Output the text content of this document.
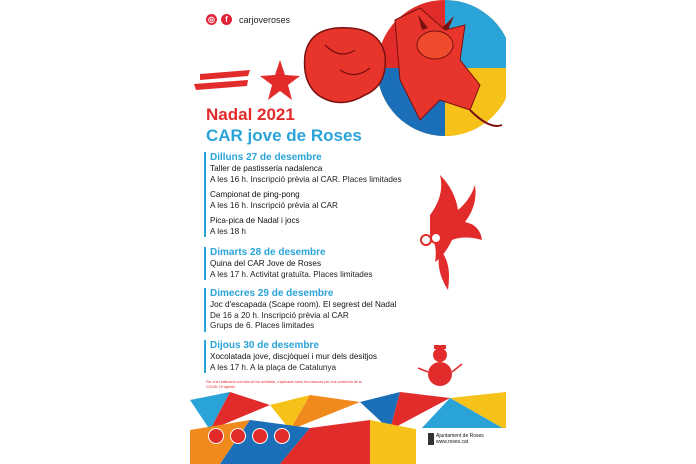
◎	f	carjoveroses
Nadal 2021
CAR jove de Roses
Dilluns 27 de desembre
Taller de pastisseria nadalenca
A les 16 h. Inscripció prèvia al CAR. Places limitades
Campionat de ping-pong
A les 16 h. Inscripció prèvia al CAR
Pica-pica de Nadal i jocs
A les 18 h
Dimarts 28 de desembre
Quina del CAR Jove de Roses
A les 17 h. Activitat gratuïta. Places limitades
Dimecres 29 de desembre
Joc d'escapada (Scape room). El segrest del Nadal
De 16 a 20 h. Inscripció prèvia al CAR
Grups de 6. Places limitades
Dijous 30 de desembre
Xocolatada jove, discjòquei i mur dels desitjos
A les 17 h. A la plaça de Catalunya
Per a la realització correcta de les activitats, s'aplicaran totes les mesures per a la contenció de la COVID-19 vigents
Ajuntament de Roses
www.roses.cat
